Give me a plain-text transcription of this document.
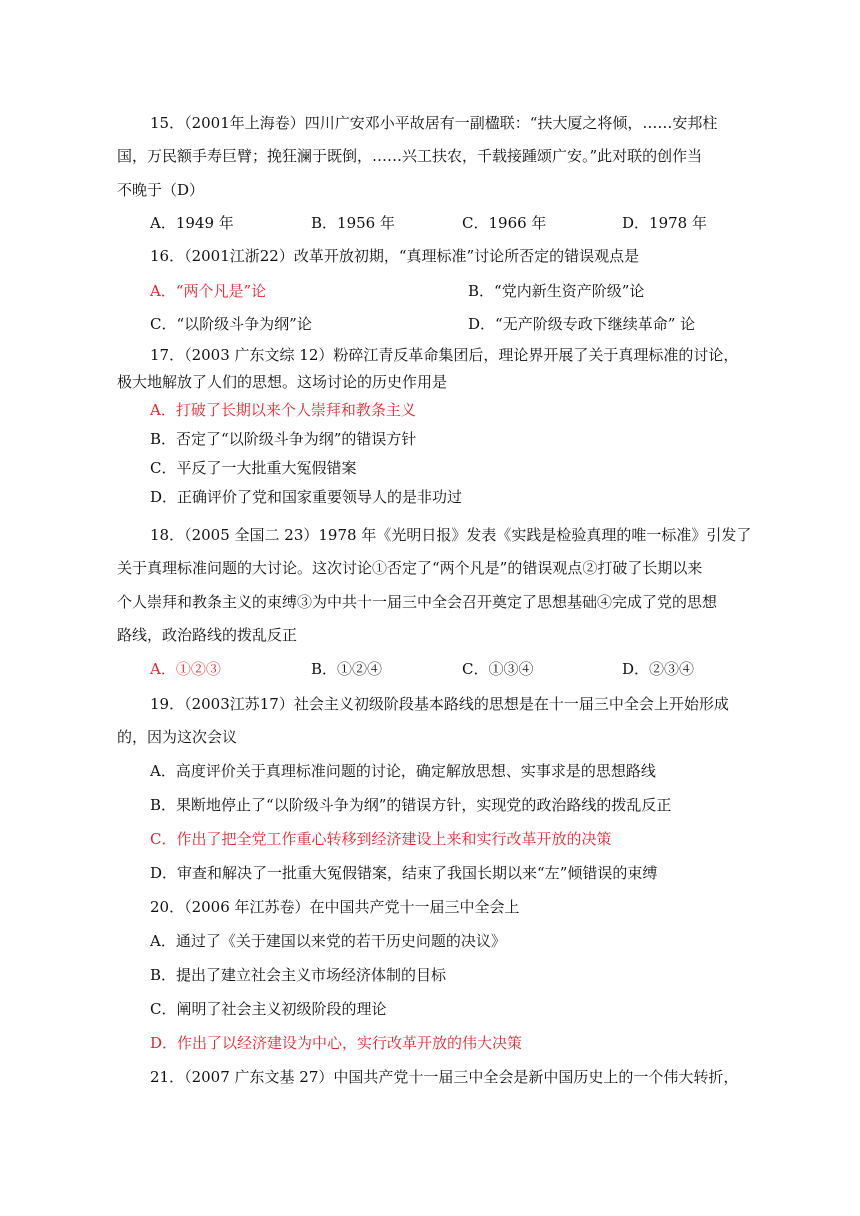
15．（2001年上海卷）四川广安邓小平故居有一副楹联：“扶大厦之将倾，……安邦柱
国，万民额手寿巨臂；挽狂澜于既倒，……兴工扶农，千载接踵颂广安。”此对联的创作当
不晚于（D）
A．1949 年	B．1956 年	C．1966 年	D．1978 年
16．（2001江浙22）改革开放初期，“真理标准”讨论所否定的错误观点是
A．“两个凡是”论	B．“党内新生资产阶级”论
C．“以阶级斗争为纲”论	D．“无产阶级专政下继续革命” 论
17．（2003 广东文综 12）粉碎江青反革命集团后，理论界开展了关于真理标准的讨论，
极大地解放了人们的思想。这场讨论的历史作用是
A．打破了长期以来个人崇拜和教条主义
B．否定了“以阶级斗争为纲”的错误方针
C．平反了一大批重大冤假错案
D．正确评价了党和国家重要领导人的是非功过
18．（2005 全国二 23）1978 年《光明日报》发表《实践是检验真理的唯一标准》引发了
关于真理标准问题的大讨论。这次讨论①否定了“两个凡是”的错误观点②打破了长期以来
个人崇拜和教条主义的束缚③为中共十一届三中全会召开奠定了思想基础④完成了党的思想
路线，政治路线的拨乱反正
A．①②③	B．①②④	C．①③④	D．②③④
19．（2003江苏17）社会主义初级阶段基本路线的思想是在十一届三中全会上开始形成
的，因为这次会议
A．高度评价关于真理标准问题的讨论，确定解放思想、实事求是的思想路线
B．果断地停止了“以阶级斗争为纲”的错误方针，实现党的政治路线的拨乱反正
C．作出了把全党工作重心转移到经济建设上来和实行改革开放的决策
D．审查和解决了一批重大冤假错案，结束了我国长期以来“左”倾错误的束缚
20．（2006 年江苏卷）在中国共产党十一届三中全会上
A．通过了《关于建国以来党的若干历史问题的决议》
B．提出了建立社会主义市场经济体制的目标
C．阐明了社会主义初级阶段的理论
D．作出了以经济建设为中心，实行改革开放的伟大决策
21．（2007 广东文基 27）中国共产党十一届三中全会是新中国历史上的一个伟大转折，
